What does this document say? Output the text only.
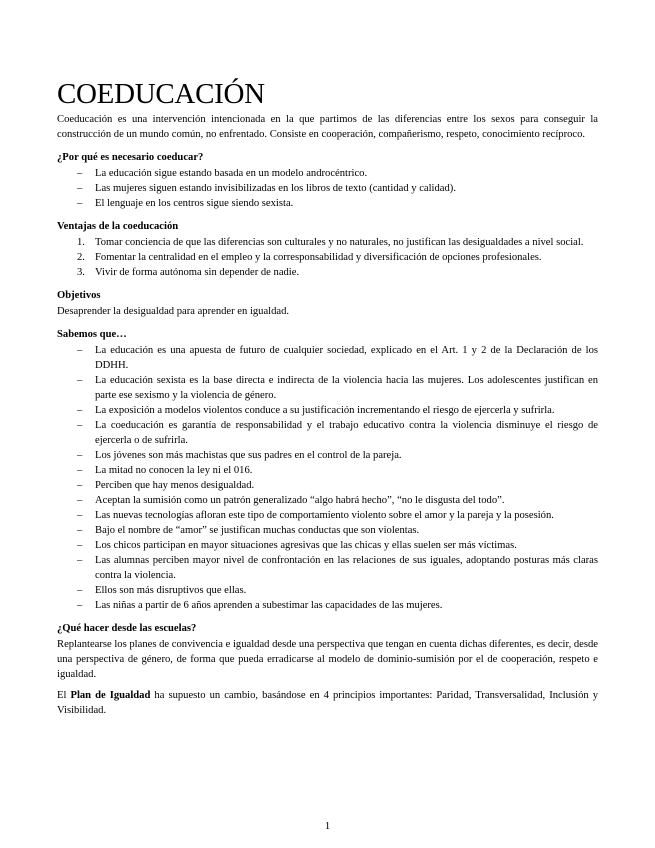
COEDUCACIÓN

Coeducación es una intervención intencionada en la que partimos de las diferencias entre los sexos para conseguir la construcción de un mundo común, no enfrentado. Consiste en cooperación, compañerismo, respeto, conocimiento recíproco.

¿Por qué es necesario coeducar?
– La educación sigue estando basada en un modelo androcéntrico.
– Las mujeres siguen estando invisibilizadas en los libros de texto (cantidad y calidad).
– El lenguaje en los centros sigue siendo sexista.
Ventajas de la coeducación
1. Tomar conciencia de que las diferencias son culturales y no naturales, no justifican las desigualdades a nivel social.
2. Fomentar la centralidad en el empleo y la corresponsabilidad y diversificación de opciones profesionales.
3. Vivir de forma autónoma sin depender de nadie.
Objetivos

Desaprender la desigualdad para aprender en igualdad.

Sabemos que…
– La educación es una apuesta de futuro de cualquier sociedad, explicado en el Art. 1 y 2 de la Declaración de los DDHH.
– La educación sexista es la base directa e indirecta de la violencia hacia las mujeres. Los adolescentes justifican en parte ese sexismo y la violencia de género.
– La exposición a modelos violentos conduce a su justificación incrementando el riesgo de ejercerla y sufrirla.
– La coeducación es garantía de responsabilidad y el trabajo educativo contra la violencia disminuye el riesgo de ejercerla o de sufrirla.
– Los jóvenes son más machistas que sus padres en el control de la pareja.
– La mitad no conocen la ley ni el 016.
– Perciben que hay menos desigualdad.
– Aceptan la sumisión como un patrón generalizado “algo habrá hecho”, “no le disgusta del todo”.
– Las nuevas tecnologías afloran este tipo de comportamiento violento sobre el amor y la pareja y la posesión.
– Bajo el nombre de “amor” se justifican muchas conductas que son violentas.
– Los chicos participan en mayor situaciones agresivas que las chicas y ellas suelen ser más víctimas.
– Las alumnas perciben mayor nivel de confrontación en las relaciones de sus iguales, adoptando posturas más claras contra la violencia.
– Ellos son más disruptivos que ellas.
– Las niñas a partir de 6 años aprenden a subestimar las capacidades de las mujeres.
¿Qué hacer desde las escuelas?

Replantearse los planes de convivencia e igualdad desde una perspectiva que tengan en cuenta dichas diferentes, es decir, desde una perspectiva de género, de forma que pueda erradicarse al modelo de dominio-sumisión por el de cooperación, respeto e igualdad.

El Plan de Igualdad ha supuesto un cambio, basándose en 4 principios importantes: Paridad, Transversalidad, Inclusión y Visibilidad.

1
